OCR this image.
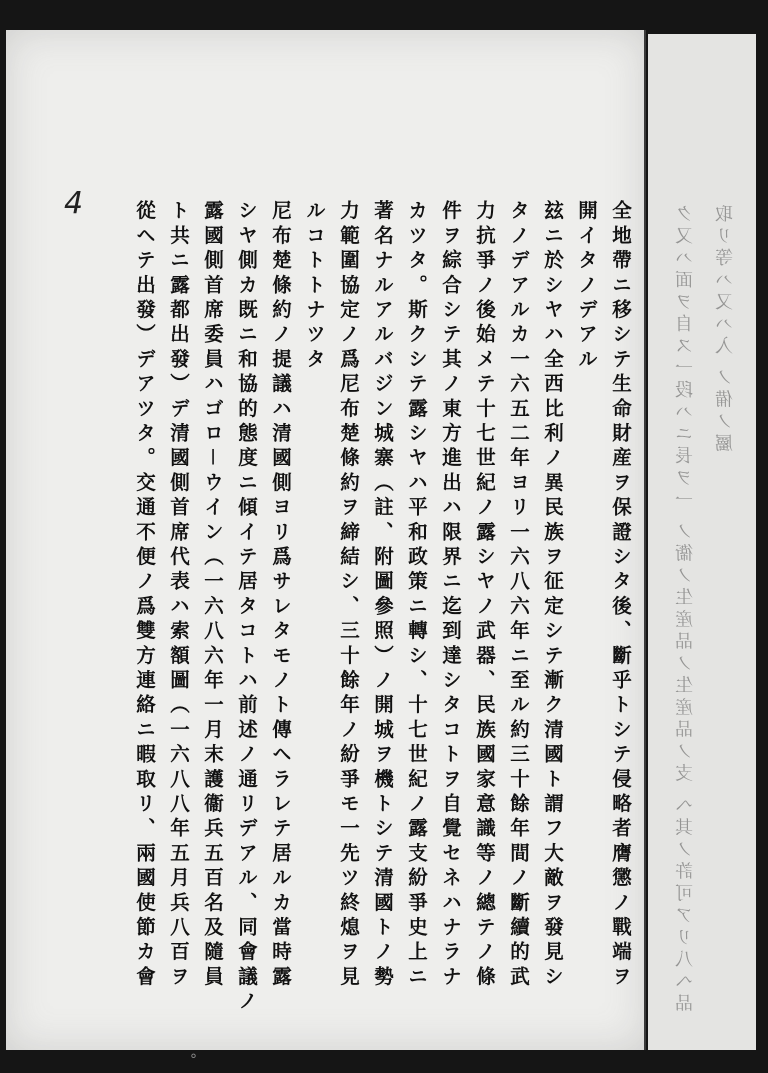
ク又ハ面ヲ自ス一段ハニ長ヲ一 ノ衞ノ生産品ノ生産品ノ支 ヘ其ノ許可アリ八ヘ品 取リ等ハ又ハ入 ノ備ノ屬
4	全地帶ニ移シテ生命財産ヲ保證シタ後、斷乎トシテ侵略者膺懲ノ戰端ヲ
開イタノデアル
玆ニ於シヤハ全西比利ノ異民族ヲ征定シテ漸ク清國ト謂フ大敵ヲ發見シ
タノデアルカ一六五二年ヨリ一六八六年ニ至ル約三十餘年間ノ斷續的武
力抗爭ノ後始メテ十七世紀ノ露シヤノ武器、民族國家意識等ノ總テノ條
件ヲ綜合シテ其ノ東方進出ハ限界ニ迄到達シタコトヲ自覺セネハナラナ
カツタ。斯クシテ露シヤハ平和政策ニ轉シ、十七世紀ノ露支紛爭史上ニ
著名ナルアルバジン城寨（註、附圖參照）ノ開城ヲ機トシテ清國トノ勢
力範圍協定ノ爲尼布楚條約ヲ締結シ、三十餘年ノ紛爭モ一先ツ終熄ヲ見
ルコトトナツタ
尼布楚條約ノ提議ハ清國側ヨリ爲サレタモノト傳ヘラレテ居ルカ當時露
シヤ側カ既ニ和協的態度ニ傾イテ居タコトハ前述ノ通リデアル、同會議ノ
露國側首席委員ハゴロ－ウイン（一六八六年一月末護衞兵五百名及隨員
ト共ニ露都出發）デ清國側首席代表ハ索額圖（一六八八年五月兵八百ヲ
從ヘテ出發）デアツタ。交通不便ノ爲雙方連絡ニ暇取リ、兩國使節カ會
°
